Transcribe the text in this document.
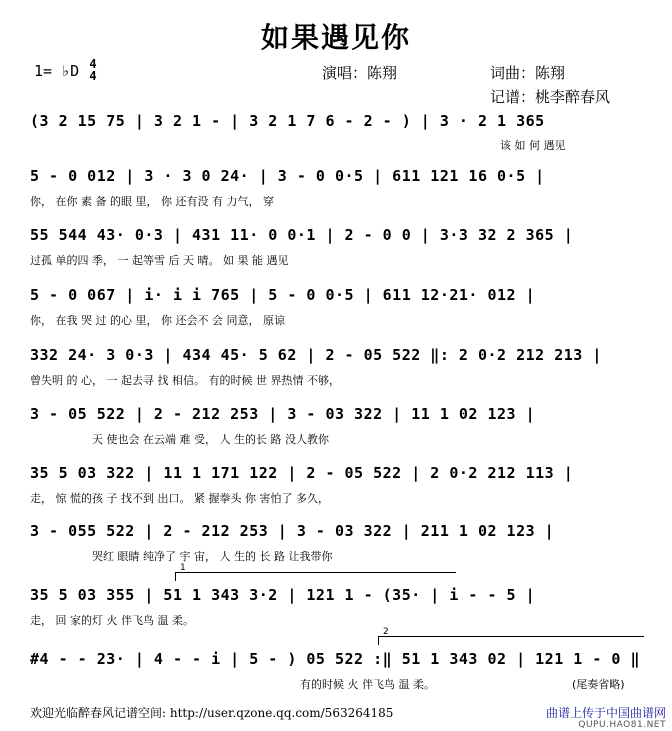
如果遇见你
1= ♭D 4
4	演唱：陈翔	词曲：陈翔
记谱：桃李醉春风
(3 2 15 75 | 3 2 1 - | 3 2 1 7 6 - 2 - ) | 3 · 2 1 365
该 如 何 遇见
5 - 0 012 | 3 · 3 0 24· | 3 - 0 0·5 | 611 121 16 0·5 |
你， 在你 素 备 的眼 里， 你 还有没 有 力气， 穿
55 544 43· 0·3 | 431 11· 0 0·1 | 2 - 0 0 | 3·3 32 2 365 |
过孤 单的四 季， 一 起等雪 后 天 晴。 如 果 能 遇见
5 - 0 067 | i· i i 765 | 5 - 0 0·5 | 611 12·21· 012 |
你， 在我 哭 过 的心 里， 你 还会不 会 同意， 原谅
332 24· 3 0·3 | 434 45· 5 62 | 2 - 05 522 ‖: 2 0·2 212 213 |
曾失明 的 心， 一 起去寻 找 相信。 有的时候 世 界热情 不够，
3 - 05 522 | 2 - 212 253 | 3 - 03 322 | 11 1 02 123 |
天 使也会 在云端 难 受， 人 生的长 路 没人教你
35 5 03 322 | 11 1 171 122 | 2 - 05 522 | 2 0·2 212 113 |
走， 惊 慌的孩 子 找不到 出口。 紧 握拳头 你 害怕了 多久，
3 - 055 522 | 2 - 212 253 | 3 - 03 322 | 211 1 02 123 |
哭红 眼睛 纯净了 宇 宙， 人 生的 长 路 让我带你
1
35 5 03 355 | 51 1 343 3·2 | 121 1 - (35· | i - - 5 |
走， 回 家的灯 火 伴飞鸟 温 柔。
2
#4 - - 23· | 4 - - i | 5 - ) 05 522 :‖ 51 1 343 02 | 121 1 - 0 ‖
有的时候 火 伴飞鸟 温 柔。	(尾奏省略)
欢迎光临醉春风记谱空间: http://user.qzone.qq.com/563264185	曲谱上传于中国曲谱网
QUPU.HAO81.NET
